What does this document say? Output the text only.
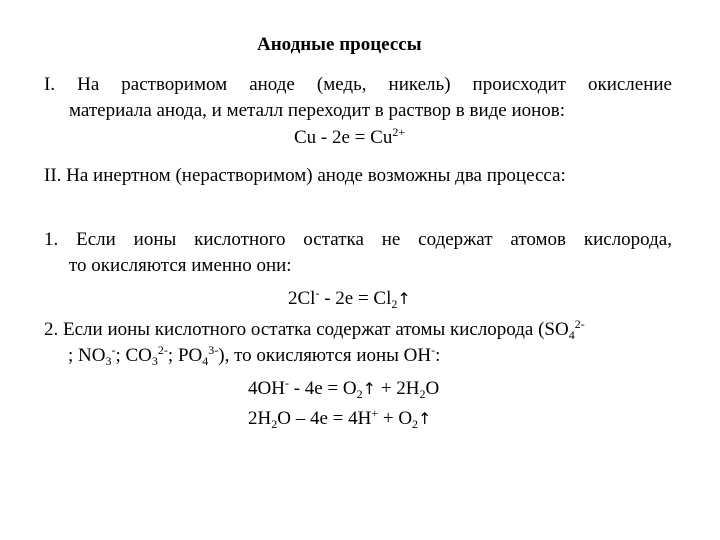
Анодные процессы
I. На растворимом аноде (медь, никель) происходит окисление
материала анода, и металл переходит в раствор в виде ионов:
$Cu - 2e = Cu^{2+}$
II. На инертном (нерастворимом) аноде возможны два процесса:
1. Если ионы кислотного остатка не содержат атомов кислорода,
то окисляются именно они:
$2Cl^- - 2e = Cl_2↑$
2. Если ионы кислотного остатка содержат атомы кислорода ($SO_4^{2-}$
; $NO_3^-$; $CO_3^{2-}$; $PO_4^{3-}$), то окисляются ионы OH-:
$4OH^- - 4e = O_2↑ + 2H_2O$
$2H_2O - 4e = 4H^+$ + $O_2↑$
